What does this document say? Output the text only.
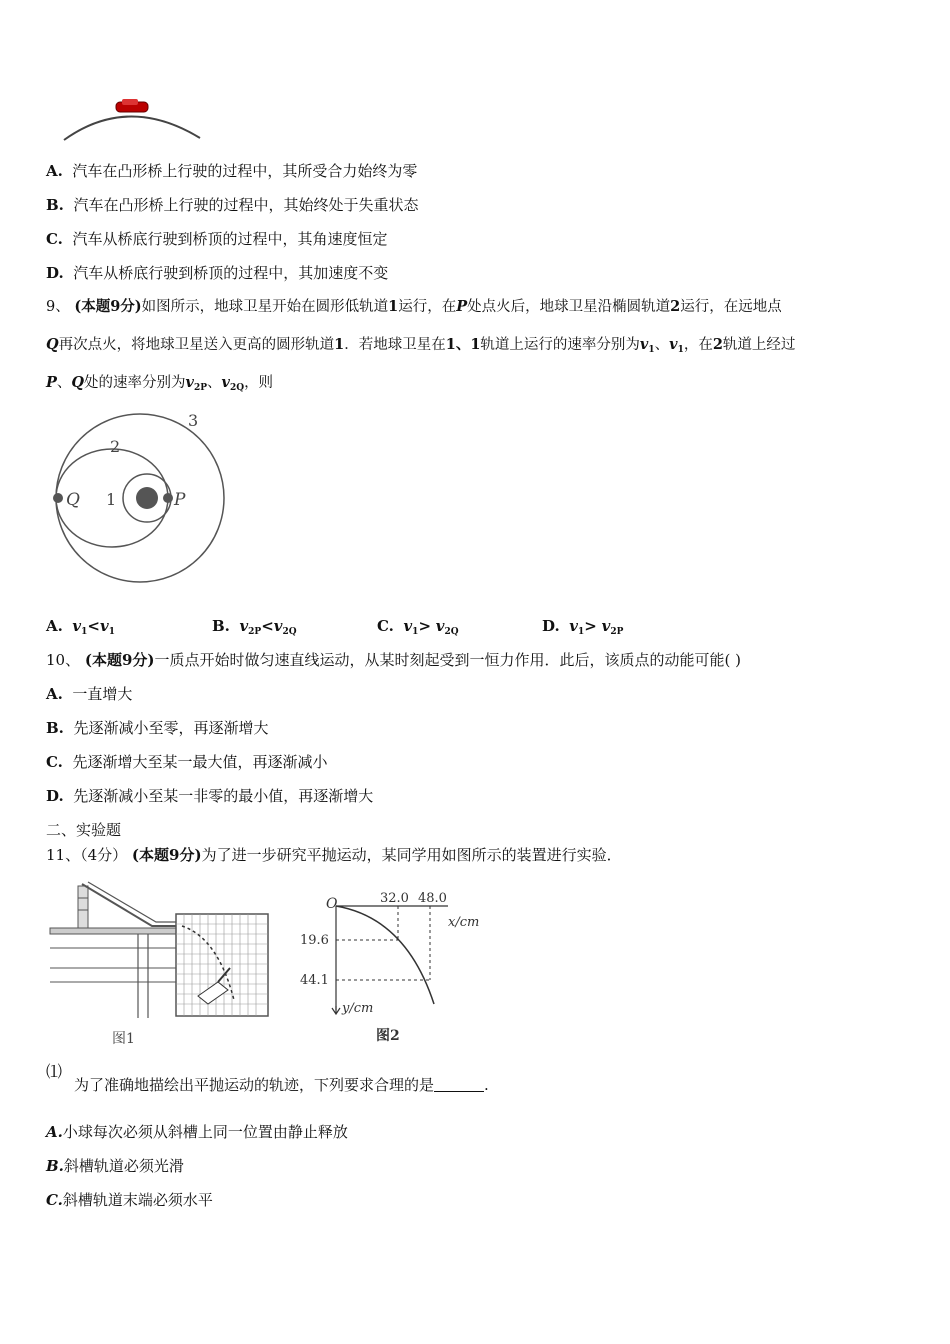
A. 汽车在凸形桥上行驶的过程中，其所受合力始终为零
B. 汽车在凸形桥上行驶的过程中，其始终处于失重状态
C. 汽车从桥底行驶到桥顶的过程中，其角速度恒定
D. 汽车从桥底行驶到桥顶的过程中，其加速度不变
9、 (本题9分)如图所示，地球卫星开始在圆形低轨道1运行，在P处点火后，地球卫星沿椭圆轨道2运行，在远地点
Q再次点火，将地球卫星送入更高的圆形轨道1．若地球卫星在1、1轨道上运行的速率分别为$v_1$、$v_1$，在2轨道上经过
P、Q处的速率分别为$v_{2P}$、$v_{2Q}$，则
3
2
1
Q	P
A. $v_1<v_1$	B. $v_{2P}<v_{2Q}$	C. $v_1> v_{2Q}$	D. $v_1> v_{2P}$
10、 (本题9分)一质点开始时做匀速直线运动，从某时刻起受到一恒力作用．此后，该质点的动能可能( )
A. 一直增大
B. 先逐渐减小至零，再逐渐增大
C. 先逐渐增大至某一最大值，再逐渐减小
D. 先逐渐减小至某一非零的最小值，再逐渐增大
二、实验题
11、（4分） (本题9分)为了进一步研究平抛运动，某同学用如图所示的装置进行实验．
图1
O	32.0 48.0
x/cm
19.6
44.1
y/cm
图2
⑴
为了准确地描绘出平抛运动的轨迹，下列要求合理的是	.
A.小球每次必须从斜槽上同一位置由静止释放
B.斜槽轨道必须光滑
C.斜槽轨道末端必须水平
